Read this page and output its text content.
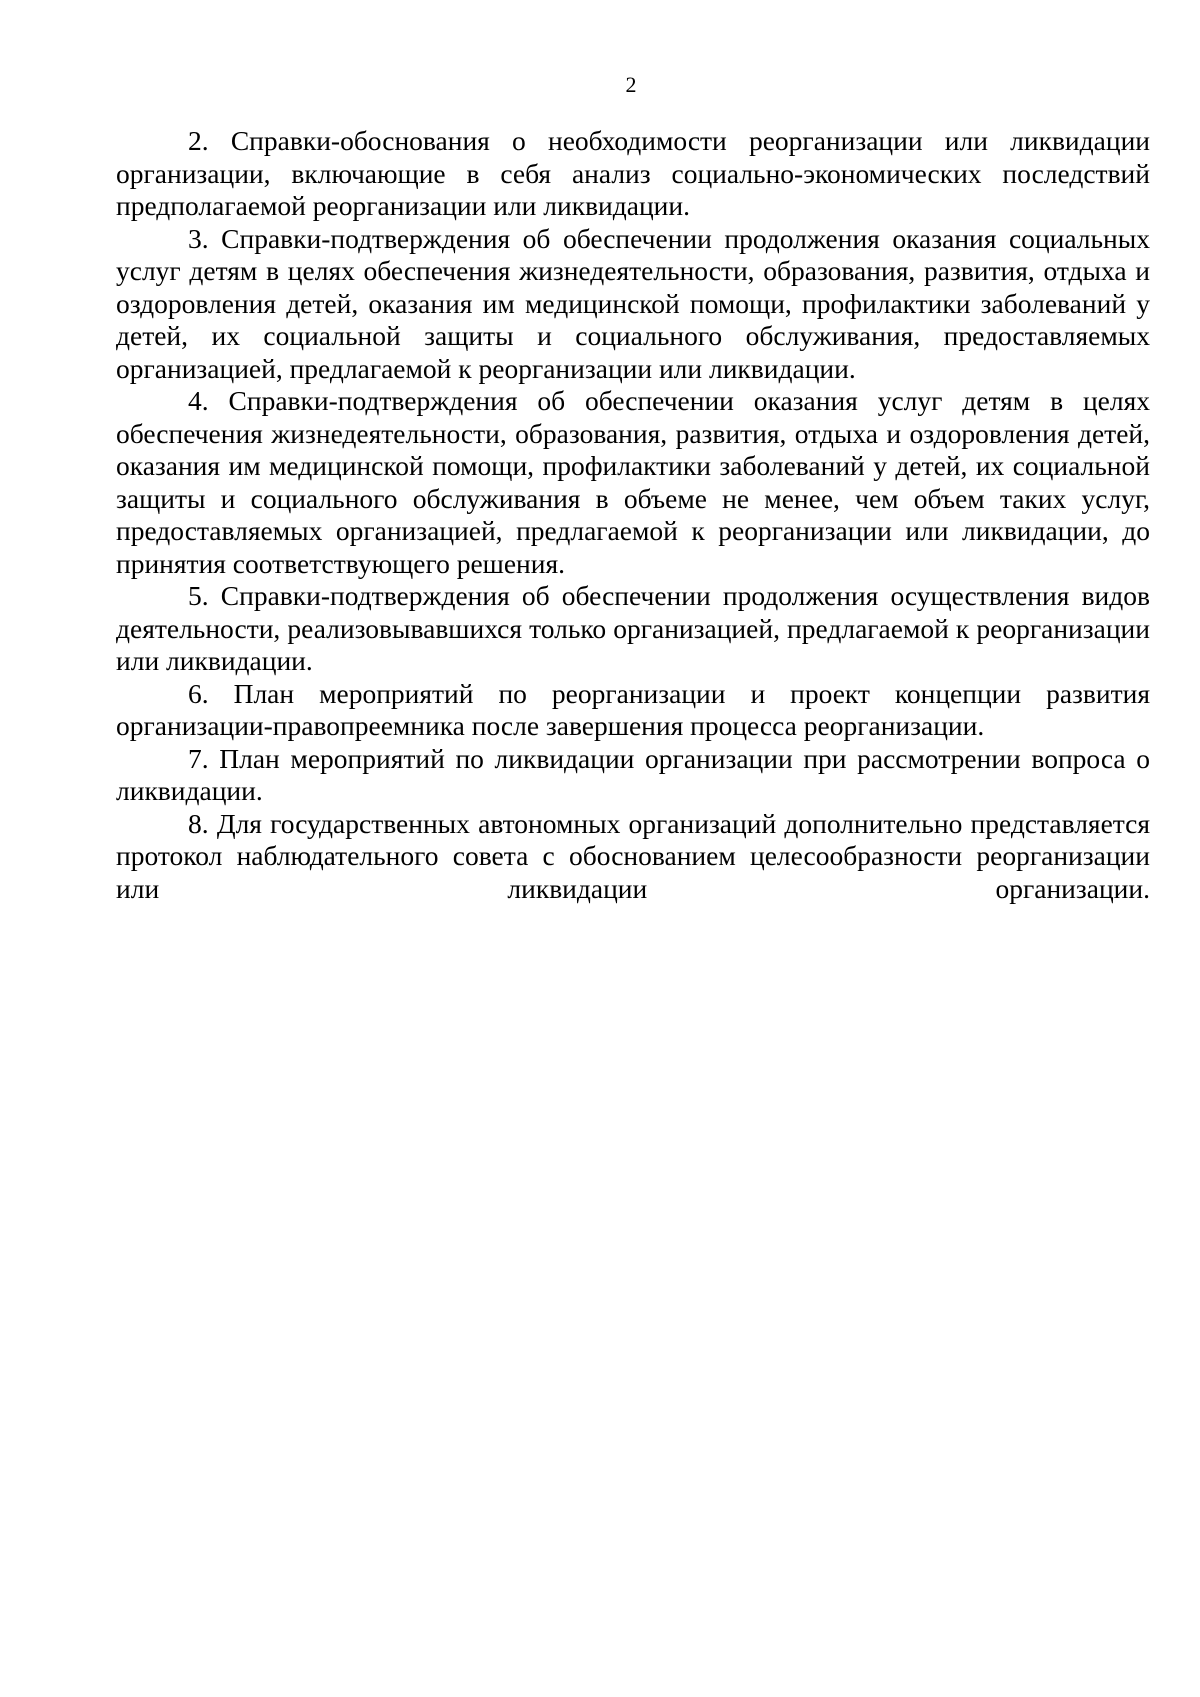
2

2. Справки-обоснования о необходимости реорганизации или ликвидации организации, включающие в себя анализ социально-экономических последствий предполагаемой реорганизации или ликвидации.

3. Справки-подтверждения об обеспечении продолжения оказания социальных услуг детям в целях обеспечения жизнедеятельности, образования, развития, отдыха и оздоровления детей, оказания им медицинской помощи, профилактики заболеваний у детей, их социальной защиты и социального обслуживания, предоставляемых организацией, предлагаемой к реорганизации или ликвидации.

4. Справки-подтверждения об обеспечении оказания услуг детям в целях обеспечения жизнедеятельности, образования, развития, отдыха и оздоровления детей, оказания им медицинской помощи, профилактики заболеваний у детей, их социальной защиты и социального обслуживания в объеме не менее, чем объем таких услуг, предоставляемых организацией, предлагаемой к реорганизации или ликвидации, до принятия соответствующего решения.

5. Справки-подтверждения об обеспечении продолжения осуществления видов деятельности, реализовывавшихся только организацией, предлагаемой к реорганизации или ликвидации.

6. План мероприятий по реорганизации и проект концепции развития организации-правопреемника после завершения процесса реорганизации.

7. План мероприятий по ликвидации организации при рассмотрении вопроса о ликвидации.

8. Для государственных автономных организаций дополнительно представляется протокол наблюдательного совета с обоснованием целесообразности реорганизации или ликвидации организации.
